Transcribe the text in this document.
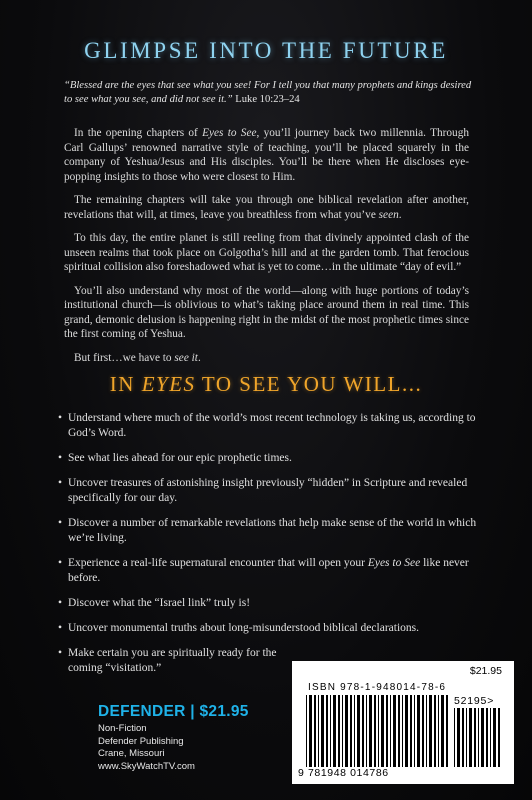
GLIMPSE INTO THE FUTURE
“Blessed are the eyes that see what you see! For I tell you that many prophets and kings desired to see what you see, and did not see it.” Luke 10:23–24

In the opening chapters of Eyes to See, you’ll journey back two millennia. Through Carl Gallups’ renowned narrative style of teaching, you’ll be placed squarely in the company of Yeshua/Jesus and His disciples. You’ll be there when He discloses eye-popping insights to those who were closest to Him.

The remaining chapters will take you through one biblical revelation after another, revelations that will, at times, leave you breathless from what you’ve seen.

To this day, the entire planet is still reeling from that divinely appointed clash of the unseen realms that took place on Golgotha’s hill and at the garden tomb. That ferocious spiritual collision also foreshadowed what is yet to come…in the ultimate “day of evil.”

You’ll also understand why most of the world—along with huge portions of today’s institutional church—is oblivious to what’s taking place around them in real time. This grand, demonic delusion is happening right in the midst of the most prophetic times since the first coming of Yeshua.

But first…we have to see it.

IN EYES TO SEE YOU WILL...
• Understand where much of the world’s most recent technology is taking us, according to God’s Word.
• See what lies ahead for our epic prophetic times.
• Uncover treasures of astonishing insight previously “hidden” in Scripture and revealed specifically for our day.
• Discover a number of remarkable revelations that help make sense of the world in which we’re living.
• Experience a real-life supernatural encounter that will open your Eyes to See like never before.
• Discover what the “Israel link” truly is!
• Uncover monumental truths about long-misunderstood biblical declarations.
• Make certain you are spiritually ready for the coming “visitation.”
DEFENDER | $21.95
Non-Fiction
Defender Publishing
Crane, Missouri
www.SkyWatchTV.com
$21.95
ISBN 978-1-948014-78-6
52195>
9 781948 014786
